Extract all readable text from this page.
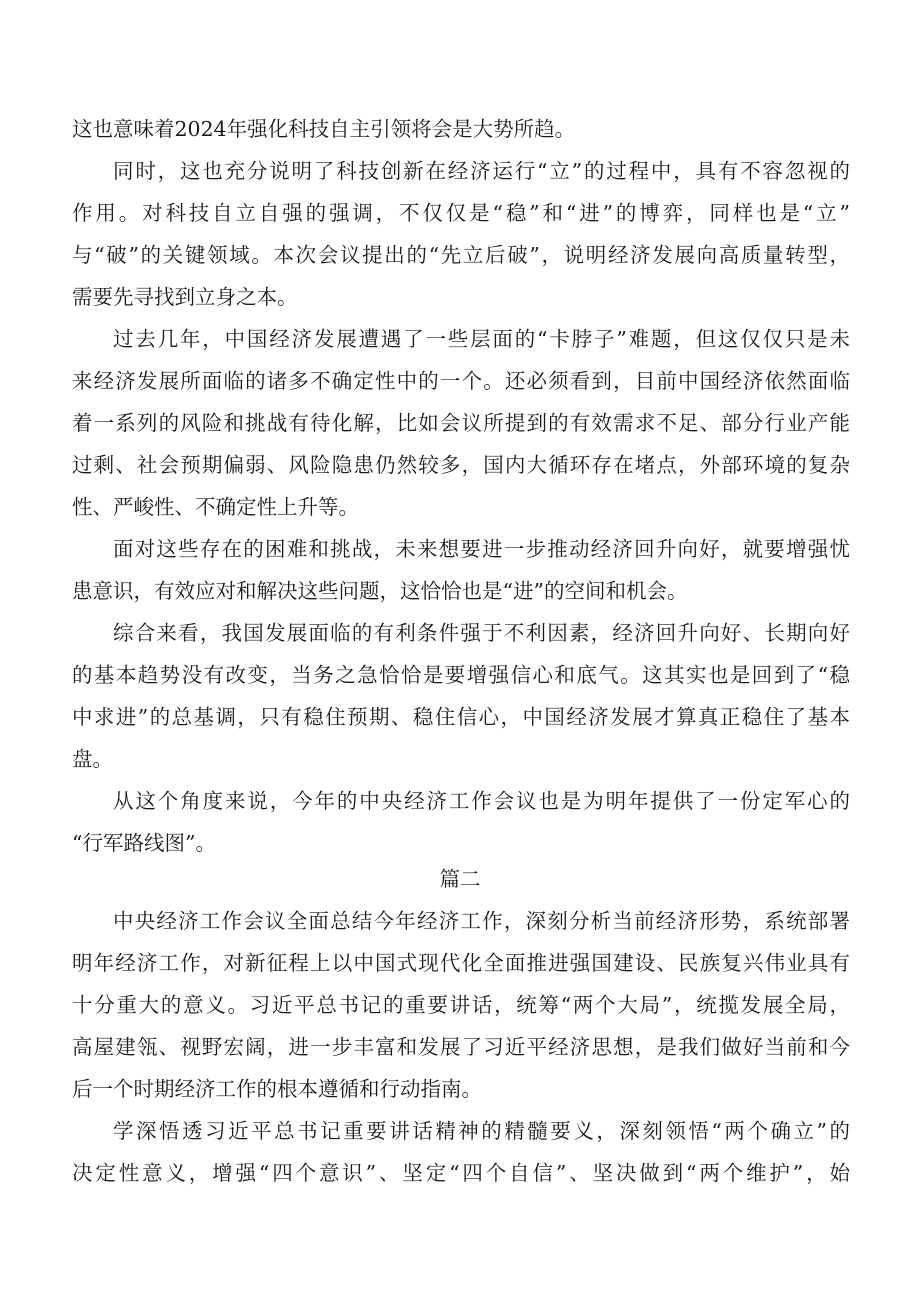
这也意味着2024年强化科技自主引领将会是大势所趋。
同时，这也充分说明了科技创新在经济运行“立”的过程中，具有不容忽视的
作用。对科技自立自强的强调，不仅仅是“稳”和“进”的博弈，同样也是“立”
与“破”的关键领域。本次会议提出的“先立后破”，说明经济发展向高质量转型，
需要先寻找到立身之本。
过去几年，中国经济发展遭遇了一些层面的“卡脖子”难题，但这仅仅只是未
来经济发展所面临的诸多不确定性中的一个。还必须看到，目前中国经济依然面临
着一系列的风险和挑战有待化解，比如会议所提到的有效需求不足、部分行业产能
过剩、社会预期偏弱、风险隐患仍然较多，国内大循环存在堵点，外部环境的复杂
性、严峻性、不确定性上升等。
面对这些存在的困难和挑战，未来想要进一步推动经济回升向好，就要增强忧
患意识，有效应对和解决这些问题，这恰恰也是“进”的空间和机会。
综合来看，我国发展面临的有利条件强于不利因素，经济回升向好、长期向好
的基本趋势没有改变，当务之急恰恰是要增强信心和底气。这其实也是回到了“稳
中求进”的总基调，只有稳住预期、稳住信心，中国经济发展才算真正稳住了基本
盘。
从这个角度来说，今年的中央经济工作会议也是为明年提供了一份定军心的
“行军路线图”。
篇二
中央经济工作会议全面总结今年经济工作，深刻分析当前经济形势，系统部署
明年经济工作，对新征程上以中国式现代化全面推进强国建设、民族复兴伟业具有
十分重大的意义。习近平总书记的重要讲话，统筹“两个大局”，统揽发展全局，
高屋建瓴、视野宏阔，进一步丰富和发展了习近平经济思想，是我们做好当前和今
后一个时期经济工作的根本遵循和行动指南。
学深悟透习近平总书记重要讲话精神的精髓要义，深刻领悟“两个确立”的
决定性意义，增强“四个意识”、坚定“四个自信”、坚决做到“两个维护”，始
